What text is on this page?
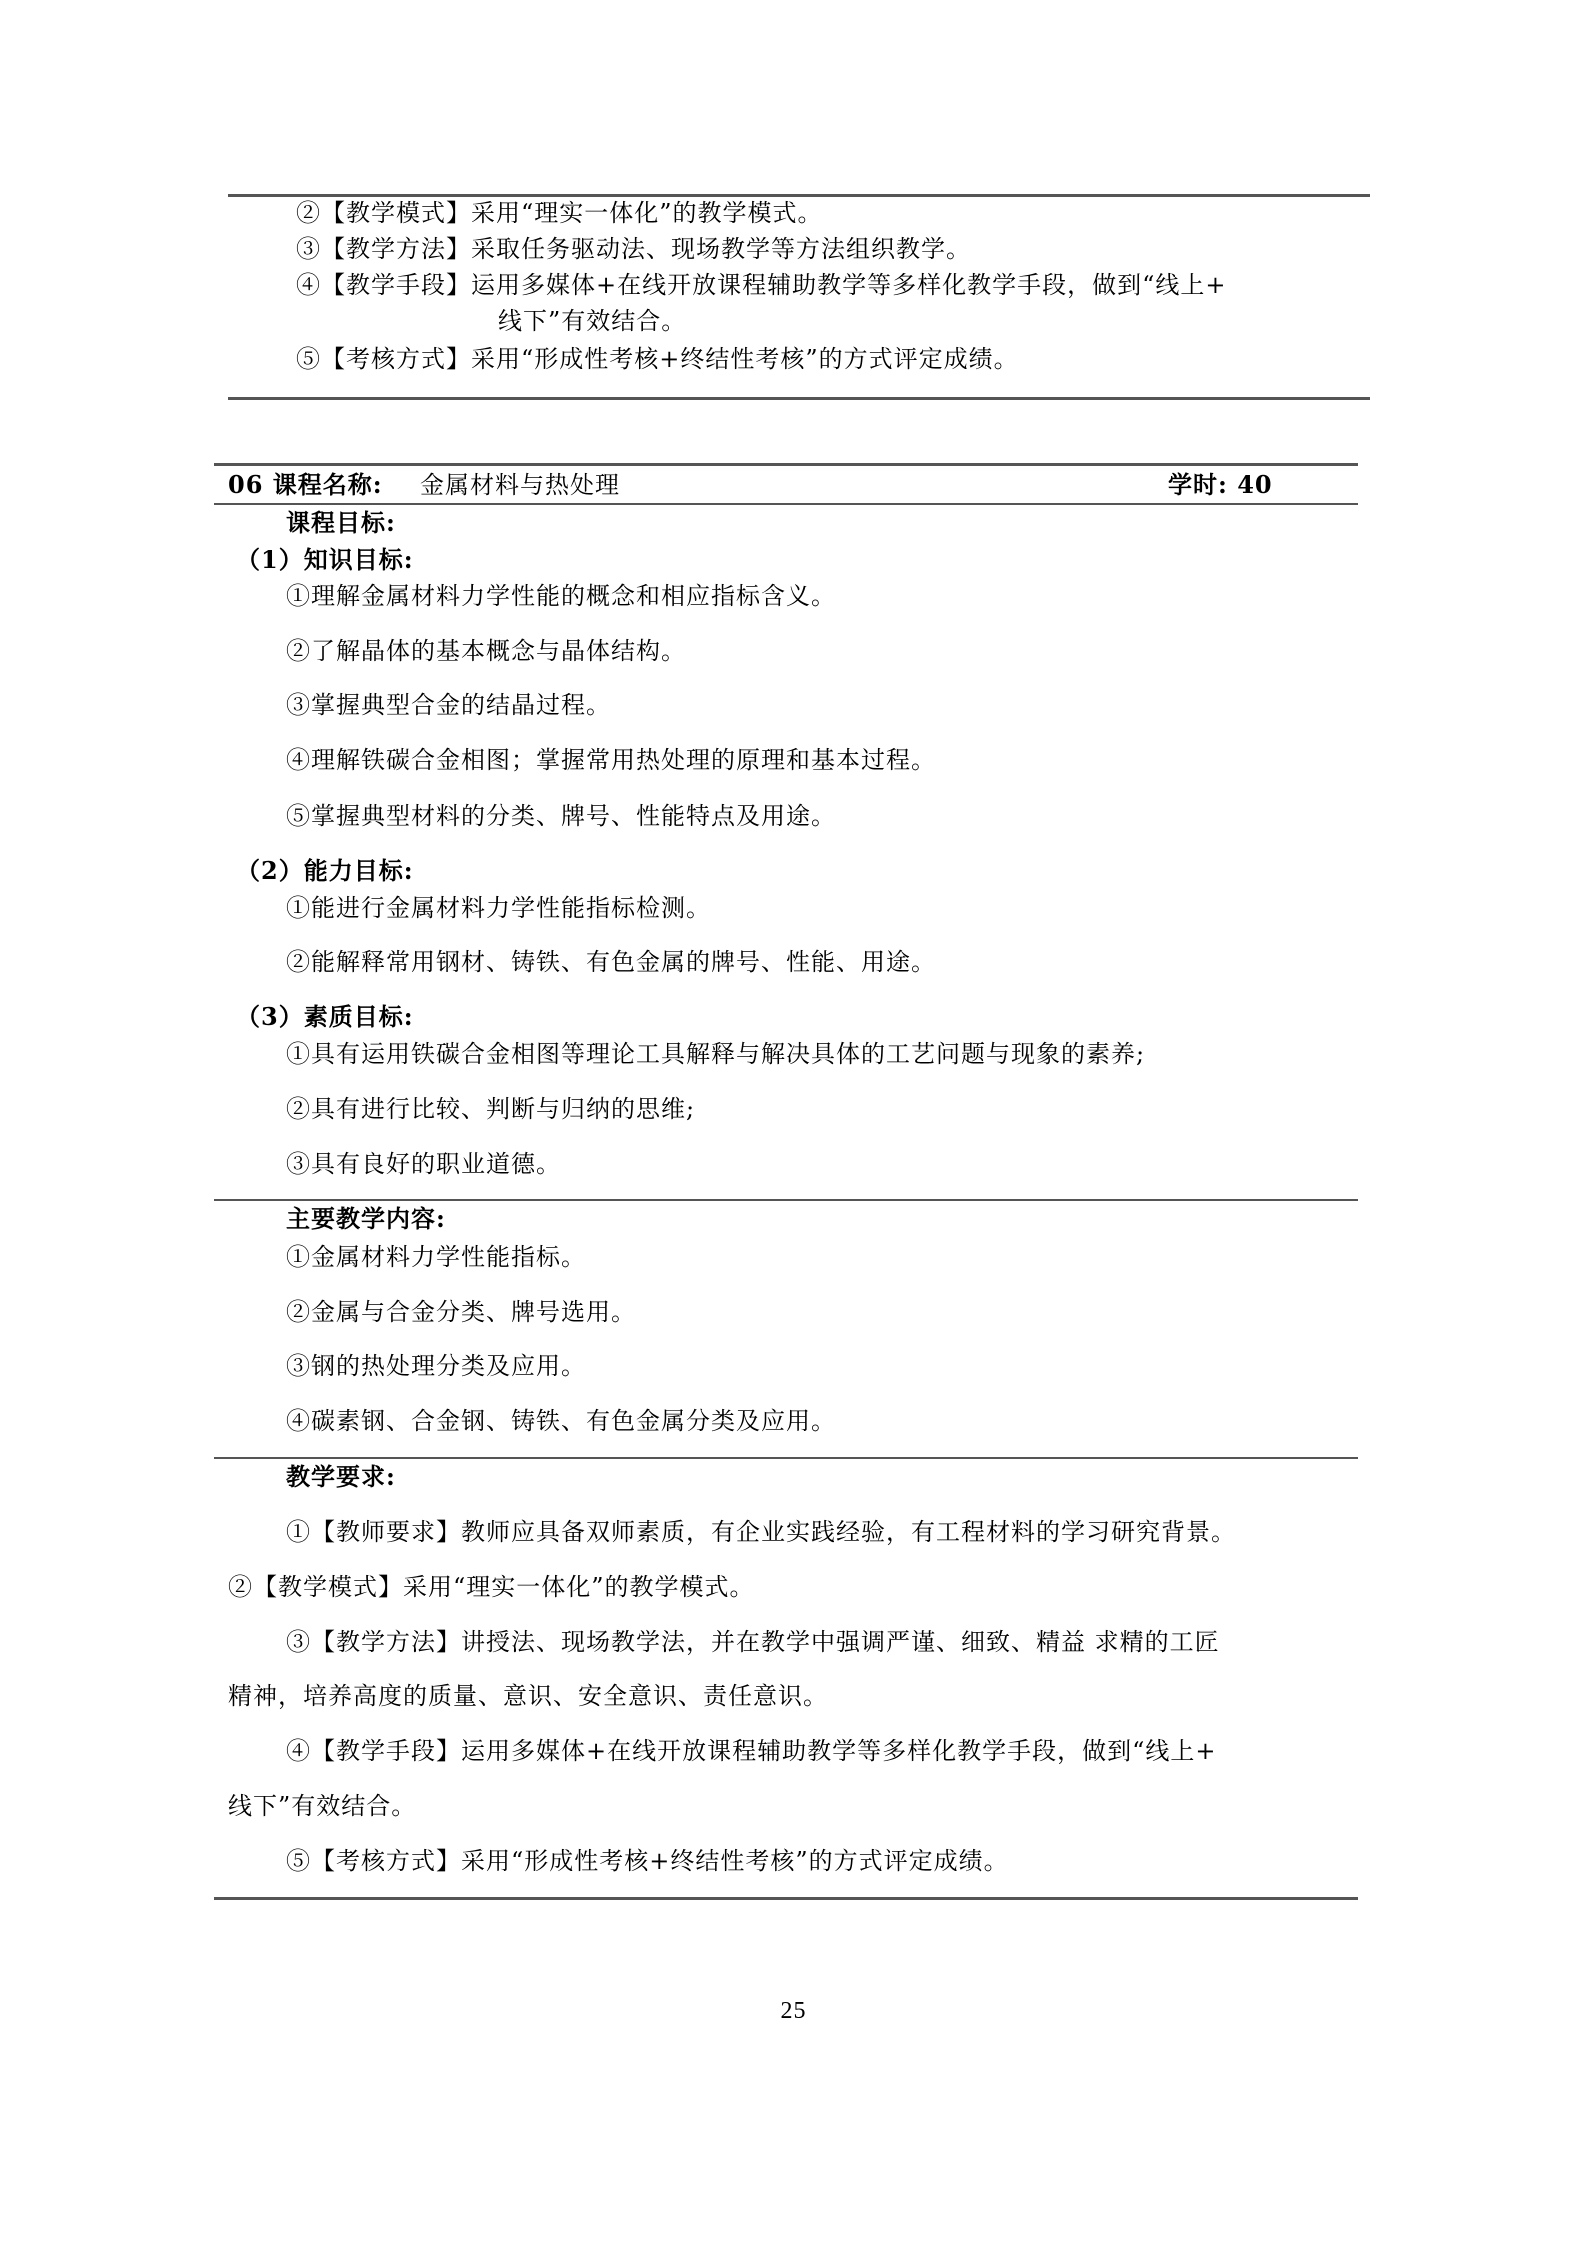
②【教学模式】采用“理实一体化”的教学模式。
③【教学方法】采取任务驱动法、现场教学等方法组织教学。
④【教学手段】运用多媒体+在线开放课程辅助教学等多样化教学手段，做到“线上+
线下”有效结合。
⑤【考核方式】采用“形成性考核+终结性考核”的方式评定成绩。
06 课程名称: 金属材料与热处理	学时: 40
课程目标:
（1）知识目标:
①理解金属材料力学性能的概念和相应指标含义。
②了解晶体的基本概念与晶体结构。
③掌握典型合金的结晶过程。
④理解铁碳合金相图；掌握常用热处理的原理和基本过程。
⑤掌握典型材料的分类、牌号、性能特点及用途。
（2）能力目标:
①能进行金属材料力学性能指标检测。
②能解释常用钢材、铸铁、有色金属的牌号、性能、用途。
（3）素质目标:
①具有运用铁碳合金相图等理论工具解释与解决具体的工艺问题与现象的素养;
②具有进行比较、判断与归纳的思维;
③具有良好的职业道德。
主要教学内容:
①金属材料力学性能指标。
②金属与合金分类、牌号选用。
③钢的热处理分类及应用。
④碳素钢、合金钢、铸铁、有色金属分类及应用。
教学要求:
①【教师要求】教师应具备双师素质，有企业实践经验，有工程材料的学习研究背景。
②【教学模式】采用“理实一体化”的教学模式。
③【教学方法】讲授法、现场教学法，并在教学中强调严谨、细致、精益 求精的工匠
精神，培养高度的质量、意识、安全意识、责任意识。
④【教学手段】运用多媒体+在线开放课程辅助教学等多样化教学手段，做到“线上+
线下”有效结合。
⑤【考核方式】采用“形成性考核+终结性考核”的方式评定成绩。
25
